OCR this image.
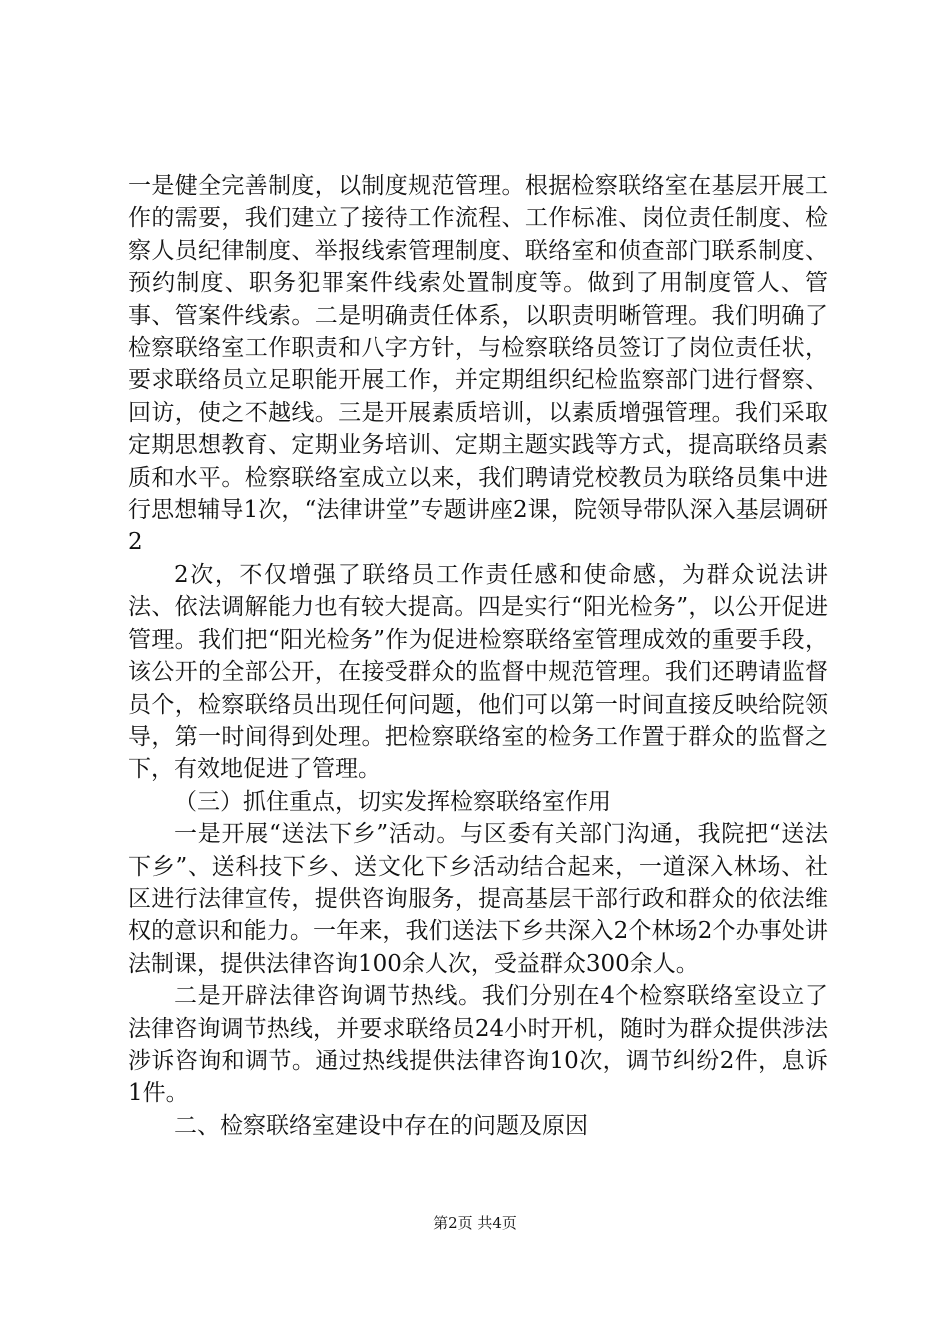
一是健全完善制度，以制度规范管理。根据检察联络室在基层开展工作的需要，我们建立了接待工作流程、工作标准、岗位责任制度、检察人员纪律制度、举报线索管理制度、联络室和侦查部门联系制度、预约制度、职务犯罪案件线索处置制度等。做到了用制度管人、管事、管案件线索。二是明确责任体系，以职责明晰管理。我们明确了检察联络室工作职责和八字方针，与检察联络员签订了岗位责任状，要求联络员立足职能开展工作，并定期组织纪检监察部门进行督察、回访，使之不越线。三是开展素质培训，以素质增强管理。我们采取定期思想教育、定期业务培训、定期主题实践等方式，提高联络员素质和水平。检察联络室成立以来，我们聘请党校教员为联络员集中进行思想辅导1次，“法律讲堂”专题讲座2课，院领导带队深入基层调研2

2次，不仅增强了联络员工作责任感和使命感，为群众说法讲法、依法调解能力也有较大提高。四是实行“阳光检务”，以公开促进管理。我们把“阳光检务”作为促进检察联络室管理成效的重要手段，该公开的全部公开，在接受群众的监督中规范管理。我们还聘请监督员个，检察联络员出现任何问题，他们可以第一时间直接反映给院领导，第一时间得到处理。把检察联络室的检务工作置于群众的监督之下，有效地促进了管理。

（三）抓住重点，切实发挥检察联络室作用

一是开展“送法下乡”活动。与区委有关部门沟通，我院把“送法下乡”、送科技下乡、送文化下乡活动结合起来，一道深入林场、社区进行法律宣传，提供咨询服务，提高基层干部行政和群众的依法维权的意识和能力。一年来，我们送法下乡共深入2个林场2个办事处讲法制课，提供法律咨询100余人次，受益群众300余人。

二是开辟法律咨询调节热线。我们分别在4个检察联络室设立了法律咨询调节热线，并要求联络员24小时开机，随时为群众提供涉法涉诉咨询和调节。通过热线提供法律咨询10次，调节纠纷2件，息诉1件。

二、检察联络室建设中存在的问题及原因

第2页 共4页
